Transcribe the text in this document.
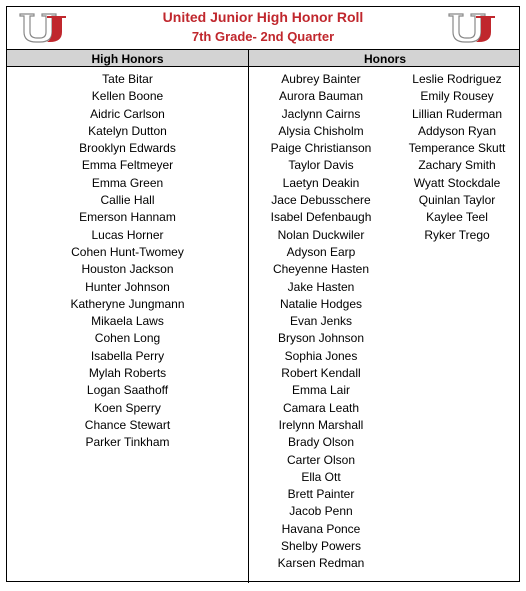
United Junior High Honor Roll
7th Grade- 2nd Quarter
High Honors	Honors
Tate Bitar
Kellen Boone
Aidric Carlson
Katelyn Dutton
Brooklyn Edwards
Emma Feltmeyer
Emma Green
Callie Hall
Emerson Hannam
Lucas Horner
Cohen Hunt-Twomey
Houston Jackson
Hunter Johnson
Katheryne Jungmann
Mikaela Laws
Cohen Long
Isabella Perry
Mylah Roberts
Logan Saathoff
Koen Sperry
Chance Stewart
Parker Tinkham
Aubrey Bainter
Aurora Bauman
Jaclynn Cairns
Alysia Chisholm
Paige Christianson
Taylor Davis
Laetyn Deakin
Jace Debusschere
Isabel Defenbaugh
Nolan Duckwiler
Adyson Earp
Cheyenne Hasten
Jake Hasten
Natalie Hodges
Evan Jenks
Bryson Johnson
Sophia Jones
Robert Kendall
Emma Lair
Camara Leath
Irelynn Marshall
Brady Olson
Carter Olson
Ella Ott
Brett Painter
Jacob Penn
Havana Ponce
Shelby Powers
Karsen Redman
Leslie Rodriguez
Emily Rousey
Lillian Ruderman
Addyson Ryan
Temperance Skutt
Zachary Smith
Wyatt Stockdale
Quinlan Taylor
Kaylee Teel
Ryker Trego
